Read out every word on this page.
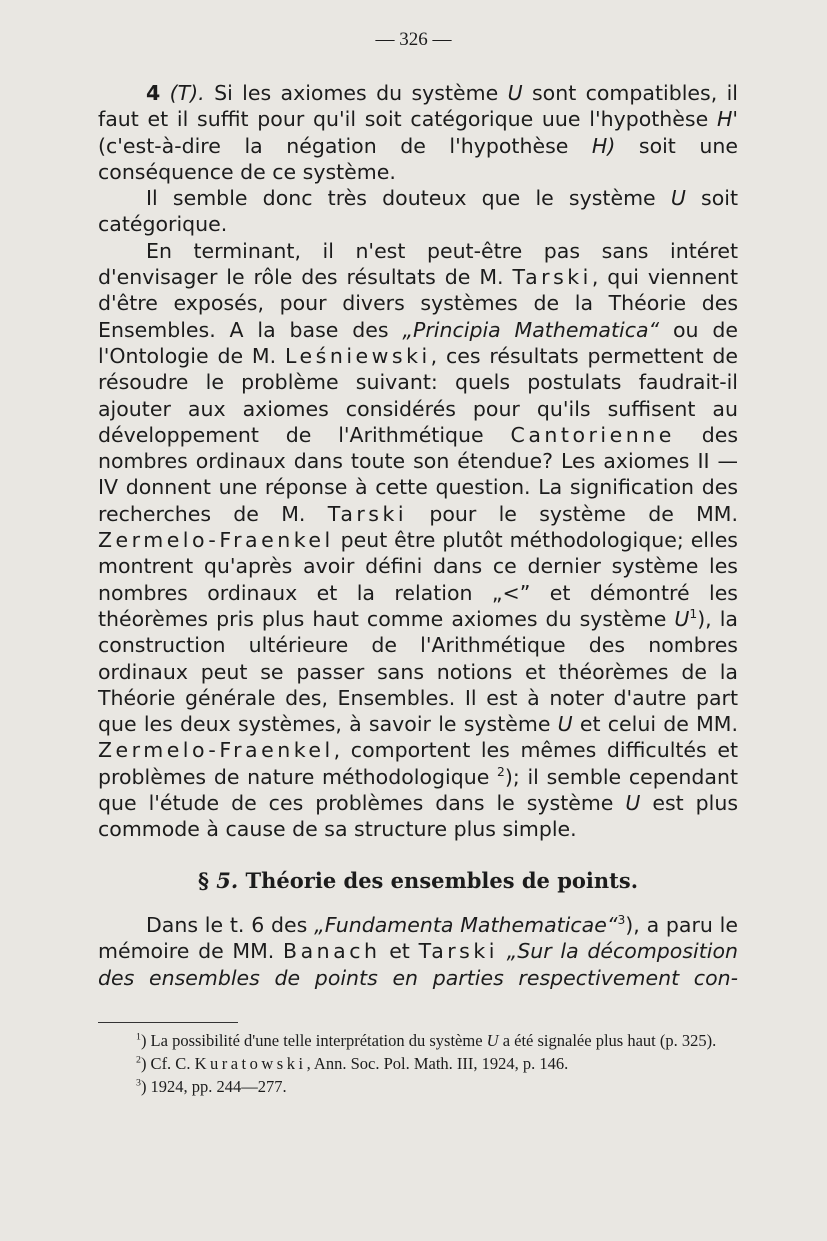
— 326 —

4 (T). Si les axiomes du système U sont compatibles, il faut et il suffit pour qu'il soit catégorique uue l'hypothèse H' (c'est-à-dire la négation de l'hypothèse H) soit une conséquence de ce système.

Il semble donc très douteux que le système U soit catégorique.

En terminant, il n'est peut-être pas sans intéret d'envisager le rôle des résultats de M. Tarski, qui viennent d'être exposés, pour divers systèmes de la Théorie des Ensembles. A la base des „Principia Mathematica“ ou de l'Ontologie de M. Leśniewski, ces résultats permettent de résoudre le problème suivant: quels postulats faudrait-il ajouter aux axiomes considérés pour qu'ils suffisent au développement de l'Arithmétique Cantorienne des nombres ordinaux dans toute son étendue? Les axiomes II — IV donnent une réponse à cette question. La signification des recherches de M. Tarski pour le système de MM. Zermelo-Fraenkel peut être plutôt méthodologique; elles montrent qu'après avoir défini dans ce dernier système les nombres ordinaux et la relation „<” et démontré les théorèmes pris plus haut comme axiomes du système $U^1$), la construction ultérieure de l'Arithmétique des nombres ordinaux peut se passer sans notions et théorèmes de la Théorie générale des, Ensembles. Il est à noter d'autre part que les deux systèmes, à savoir le système U et celui de MM. Zermelo-Fraenkel, comportent les mêmes difficultés et problèmes de nature méthodologique $^2$); il semble cependant que l'étude de ces problèmes dans le système U est plus commode à cause de sa structure plus simple.

§ 5. Théorie des ensembles de points.

Dans le t. 6 des „Fundamenta Mathematicae“$^3$), a paru le mémoire de MM. Banach et Tarski „Sur la décomposition des ensembles de points en parties respectivement con-

$^1$) La possibilité d'une telle interprétation du système U a été signalée plus haut (p. 325).

$^2$) Cf. C. Kuratowski, Ann. Soc. Pol. Math. III, 1924, p. 146.

$^3$) 1924, pp. 244—277.
